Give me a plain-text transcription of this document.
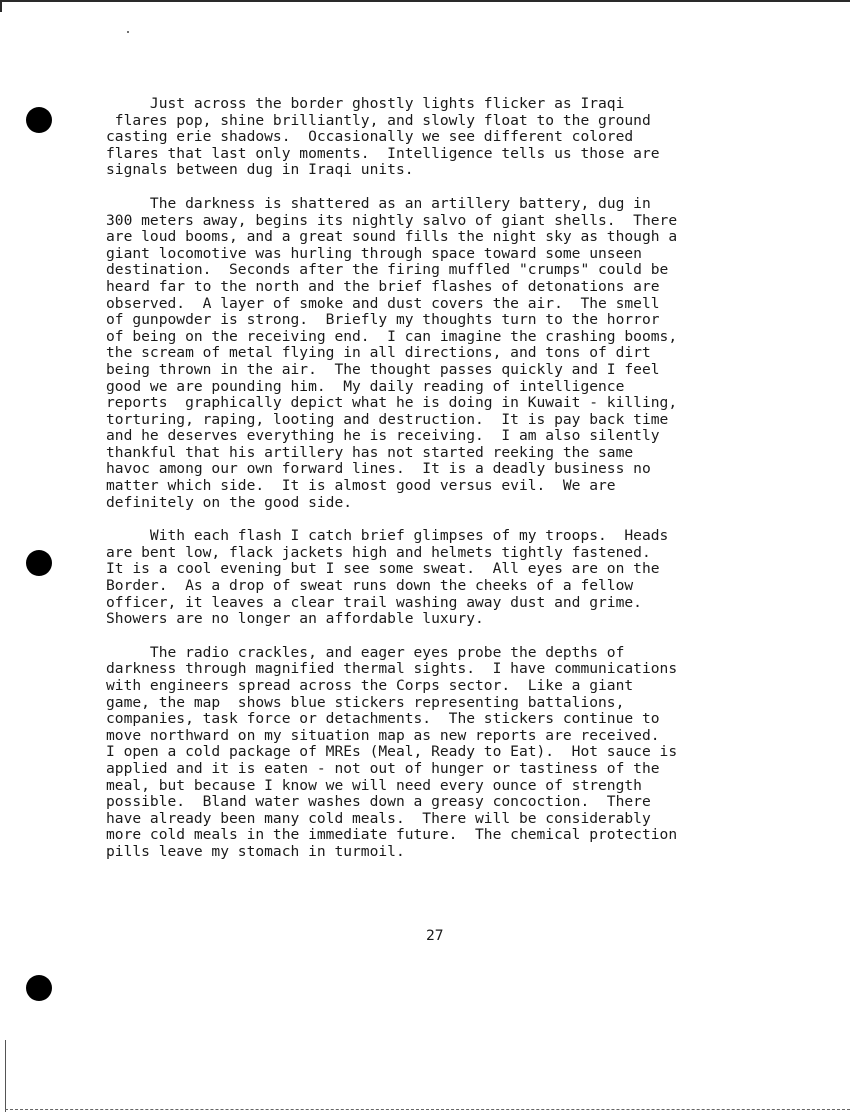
Just across the border ghostly lights flicker as Iraqi
flares pop, shine brilliantly, and slowly float to the ground
casting erie shadows.  Occasionally we see different colored
flares that last only moments.  Intelligence tells us those are
signals between dug in Iraqi units.
The darkness is shattered as an artillery battery, dug in
300 meters away, begins its nightly salvo of giant shells.  There
are loud booms, and a great sound fills the night sky as though a
giant locomotive was hurling through space toward some unseen
destination.  Seconds after the firing muffled "crumps" could be
heard far to the north and the brief flashes of detonations are
observed.  A layer of smoke and dust covers the air.  The smell
of gunpowder is strong.  Briefly my thoughts turn to the horror
of being on the receiving end.  I can imagine the crashing booms,
the scream of metal flying in all directions, and tons of dirt
being thrown in the air.  The thought passes quickly and I feel
good we are pounding him.  My daily reading of intelligence
reports  graphically depict what he is doing in Kuwait - killing,
torturing, raping, looting and destruction.  It is pay back time
and he deserves everything he is receiving.  I am also silently
thankful that his artillery has not started reeking the same
havoc among our own forward lines.  It is a deadly business no
matter which side.  It is almost good versus evil.  We are
definitely on the good side.
With each flash I catch brief glimpses of my troops.  Heads
are bent low, flack jackets high and helmets tightly fastened.
It is a cool evening but I see some sweat.  All eyes are on the
Border.  As a drop of sweat runs down the cheeks of a fellow
officer, it leaves a clear trail washing away dust and grime.
Showers are no longer an affordable luxury.
The radio crackles, and eager eyes probe the depths of
darkness through magnified thermal sights.  I have communications
with engineers spread across the Corps sector.  Like a giant
game, the map  shows blue stickers representing battalions,
companies, task force or detachments.  The stickers continue to
move northward on my situation map as new reports are received.
I open a cold package of MREs (Meal, Ready to Eat).  Hot sauce is
applied and it is eaten - not out of hunger or tastiness of the
meal, but because I know we will need every ounce of strength
possible.  Bland water washes down a greasy concoction.  There
have already been many cold meals.  There will be considerably
more cold meals in the immediate future.  The chemical protection
pills leave my stomach in turmoil.
27
